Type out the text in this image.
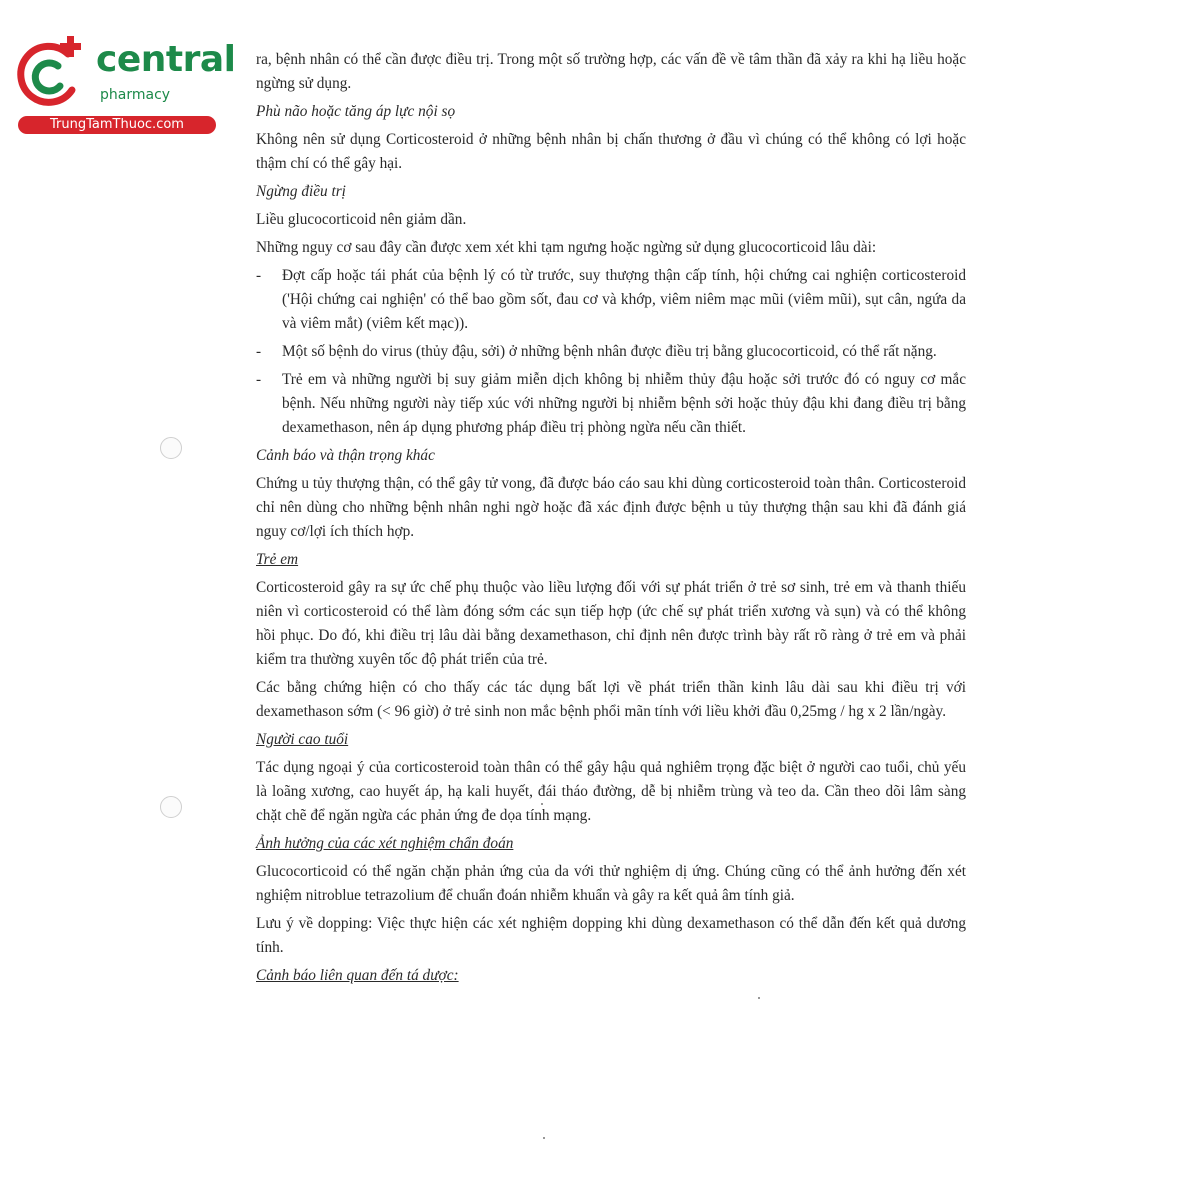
central
pharmacy
TrungTamThuoc.com

ra, bệnh nhân có thể cần được điều trị. Trong một số trường hợp, các vấn đề về tâm thần đã xảy ra khi hạ liều hoặc ngừng sử dụng.

Phù não hoặc tăng áp lực nội sọ

Không nên sử dụng Corticosteroid ở những bệnh nhân bị chấn thương ở đầu vì chúng có thể không có lợi hoặc thậm chí có thể gây hại.

Ngừng điều trị

Liều glucocorticoid nên giảm dần.

Những nguy cơ sau đây cần được xem xét khi tạm ngưng hoặc ngừng sử dụng glucocorticoid lâu dài:

- Đợt cấp hoặc tái phát của bệnh lý có từ trước, suy thượng thận cấp tính, hội chứng cai nghiện corticosteroid ('Hội chứng cai nghiện' có thể bao gồm sốt, đau cơ và khớp, viêm niêm mạc mũi (viêm mũi), sụt cân, ngứa da và viêm mắt) (viêm kết mạc)).
- Một số bệnh do virus (thủy đậu, sởi) ở những bệnh nhân được điều trị bằng glucocorticoid, có thể rất nặng.
- Trẻ em và những người bị suy giảm miễn dịch không bị nhiễm thủy đậu hoặc sởi trước đó có nguy cơ mắc bệnh. Nếu những người này tiếp xúc với những người bị nhiễm bệnh sởi hoặc thủy đậu khi đang điều trị bằng dexamethason, nên áp dụng phương pháp điều trị phòng ngừa nếu cần thiết.
Cảnh báo và thận trọng khác

Chứng u tủy thượng thận, có thể gây tử vong, đã được báo cáo sau khi dùng corticosteroid toàn thân. Corticosteroid chỉ nên dùng cho những bệnh nhân nghi ngờ hoặc đã xác định được bệnh u tủy thượng thận sau khi đã đánh giá nguy cơ/lợi ích thích hợp.

Trẻ em

Corticosteroid gây ra sự ức chế phụ thuộc vào liều lượng đối với sự phát triển ở trẻ sơ sinh, trẻ em và thanh thiếu niên vì corticosteroid có thể làm đóng sớm các sụn tiếp hợp (ức chế sự phát triển xương và sụn) và có thể không hồi phục. Do đó, khi điều trị lâu dài bằng dexamethason, chỉ định nên được trình bày rất rõ ràng ở trẻ em và phải kiểm tra thường xuyên tốc độ phát triển của trẻ.

Các bằng chứng hiện có cho thấy các tác dụng bất lợi về phát triển thần kinh lâu dài sau khi điều trị với dexamethason sớm (< 96 giờ) ở trẻ sinh non mắc bệnh phổi mãn tính với liều khởi đầu 0,25mg / hg x 2 lần/ngày.

Người cao tuổi

Tác dụng ngoại ý của corticosteroid toàn thân có thể gây hậu quả nghiêm trọng đặc biệt ở người cao tuổi, chủ yếu là loãng xương, cao huyết áp, hạ kali huyết, đái tháo đường, dễ bị nhiễm trùng và teo da. Cần theo dõi lâm sàng chặt chẽ để ngăn ngừa các phản ứng đe dọa tính mạng.

Ảnh hưởng của các xét nghiệm chẩn đoán

Glucocorticoid có thể ngăn chặn phản ứng của da với thử nghiệm dị ứng. Chúng cũng có thể ảnh hưởng đến xét nghiệm nitroblue tetrazolium để chuẩn đoán nhiễm khuẩn và gây ra kết quả âm tính giả.

Lưu ý về dopping: Việc thực hiện các xét nghiệm dopping khi dùng dexamethason có thể dẫn đến kết quả dương tính.

Cảnh báo liên quan đến tá dược:
